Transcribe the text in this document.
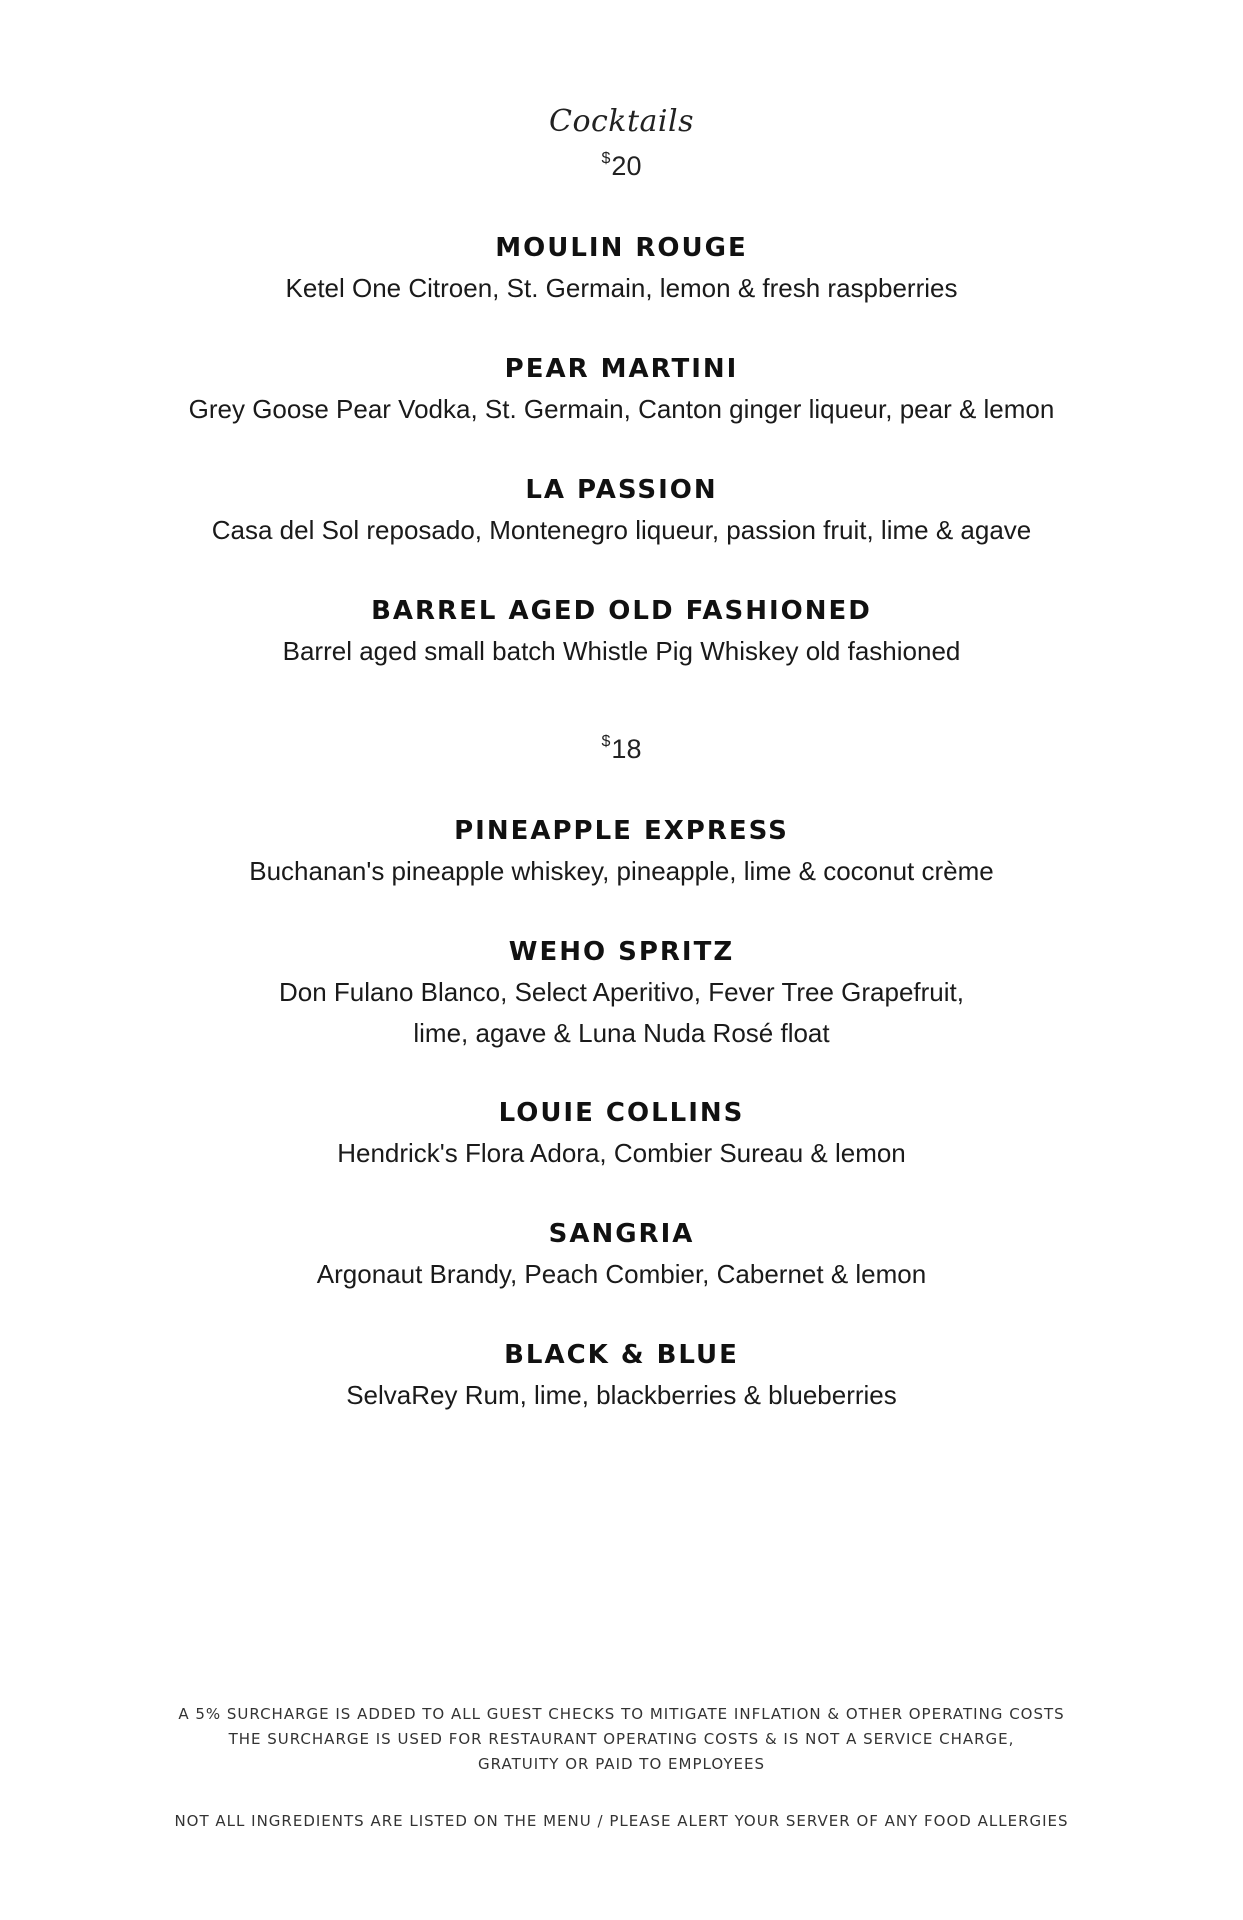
Cocktails
$20
MOULIN ROUGE
Ketel One Citroen, St. Germain, lemon & fresh raspberries
PEAR MARTINI
Grey Goose Pear Vodka, St. Germain, Canton ginger liqueur, pear & lemon
LA PASSION
Casa del Sol reposado, Montenegro liqueur, passion fruit, lime & agave
BARREL AGED OLD FASHIONED
Barrel aged small batch Whistle Pig Whiskey old fashioned
$18
PINEAPPLE EXPRESS
Buchanan's pineapple whiskey, pineapple, lime & coconut crème
WEHO SPRITZ
Don Fulano Blanco, Select Aperitivo, Fever Tree Grapefruit,
lime, agave & Luna Nuda Rosé float
LOUIE COLLINS
Hendrick's Flora Adora, Combier Sureau & lemon
SANGRIA
Argonaut Brandy, Peach Combier, Cabernet & lemon
BLACK & BLUE
SelvaRey Rum, lime, blackberries & blueberries
A 5% SURCHARGE IS ADDED TO ALL GUEST CHECKS TO MITIGATE INFLATION & OTHER OPERATING COSTS
THE SURCHARGE IS USED FOR RESTAURANT OPERATING COSTS & IS NOT A SERVICE CHARGE,
GRATUITY OR PAID TO EMPLOYEES
NOT ALL INGREDIENTS ARE LISTED ON THE MENU / PLEASE ALERT YOUR SERVER OF ANY FOOD ALLERGIES
